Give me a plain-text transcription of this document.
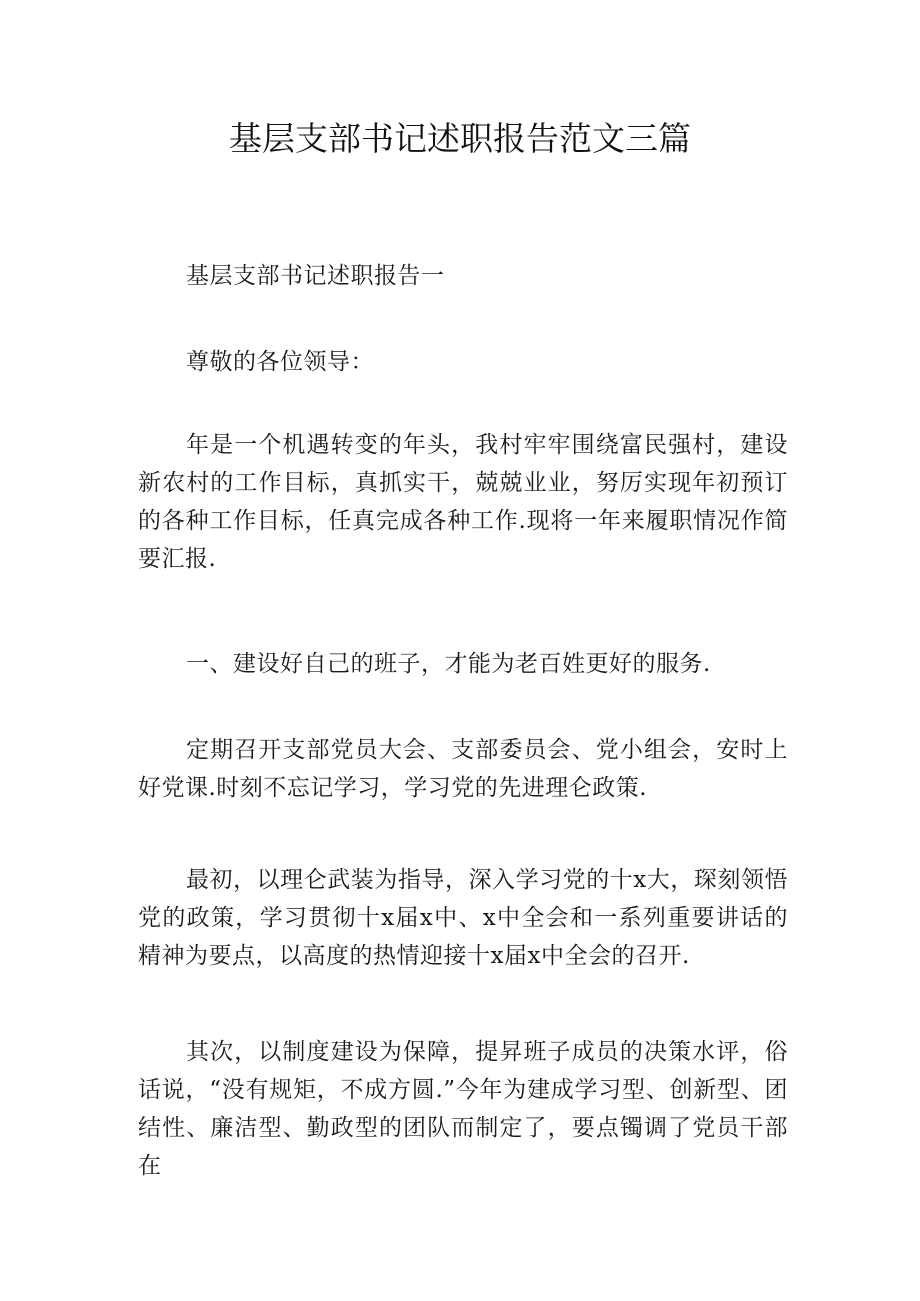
基层支部书记述职报告范文三篇

基层支部书记述职报告一

尊敬的各位领导：

年是一个机遇转变的年头，我村牢牢围绕富民强村，建设新农村的工作目标，真抓实干，兢兢业业，努厉实现年初预订的各种工作目标，任真完成各种工作.现将一年来履职情况作简要汇报.

一、建设好自己的班子，才能为老百姓更好的服务.

定期召开支部党员大会、支部委员会、党小组会，安时上好党课.时刻不忘记学习，学习党的先进理仑政策.

最初，以理仑武装为指导，深入学习党的十x大，琛刻领悟党的政策，学习贯彻十x届x中、x中全会和一系列重要讲话的精神为要点，以高度的热情迎接十x届x中全会的召开.

其次，以制度建设为保障，提昇班子成员的决策水评，俗话说，“没有规矩，不成方圆.”今年为建成学习型、创新型、团结性、廉洁型、勤政型的团队而制定了，要点镯调了党员干部在
